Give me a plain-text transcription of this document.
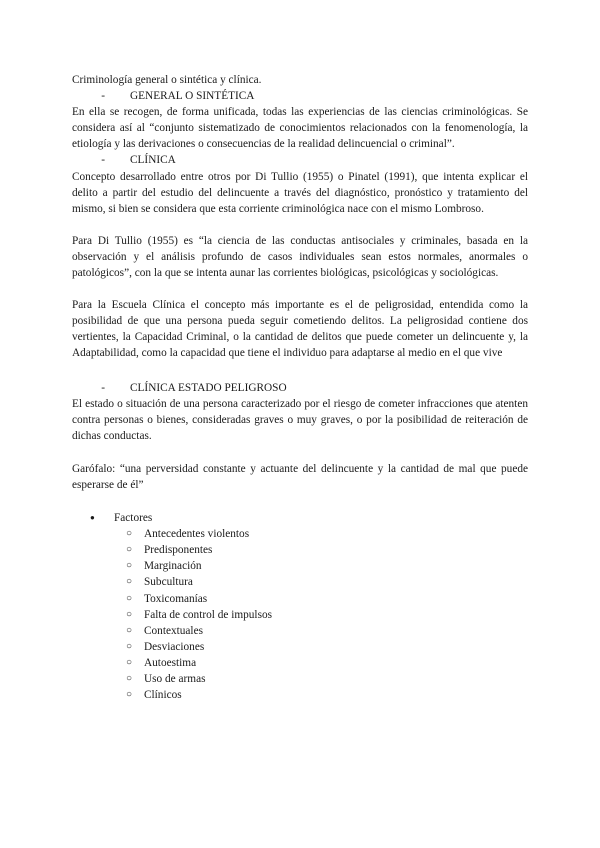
Criminología general o sintética y clínica.

-	GENERAL O SINTÉTICA

En ella se recogen, de forma unificada, todas las experiencias de las ciencias criminológicas. Se considera así al “conjunto sistematizado de conocimientos relacionados con la fenomenología, la etiología y las derivaciones o consecuencias de la realidad delincuencial o criminal”.

-	CLÍNICA

Concepto desarrollado entre otros por Di Tullio (1955) o Pinatel (1991), que intenta explicar el delito a partir del estudio del delincuente a través del diagnóstico, pronóstico y tratamiento del mismo, si bien se considera que esta corriente criminológica nace con el mismo Lombroso.

Para Di Tullio (1955) es “la ciencia de las conductas antisociales y criminales, basada en la observación y el análisis profundo de casos individuales sean estos normales, anormales o patológicos”, con la que se intenta aunar las corrientes biológicas, psicológicas y sociológicas.

Para la Escuela Clínica el concepto más importante es el de peligrosidad, entendida como la posibilidad de que una persona pueda seguir cometiendo delitos. La peligrosidad contiene dos vertientes, la Capacidad Criminal, o la cantidad de delitos que puede cometer un delincuente y, la Adaptabilidad, como la capacidad que tiene el individuo para adaptarse al medio en el que vive

-	CLÍNICA ESTADO PELIGROSO

El estado o situación de una persona caracterizado por el riesgo de cometer infracciones que atenten contra personas o bienes, consideradas graves o muy graves, o por la posibilidad de reiteración de dichas conductas.

Garófalo: “una perversidad constante y actuante del delincuente y la cantidad de mal que puede esperarse de él”

●	Factores
○	Antecedentes violentos
○	Predisponentes
○	Marginación
○	Subcultura
○	Toxicomanías
○	Falta de control de impulsos
○	Contextuales
○	Desviaciones
○	Autoestima
○	Uso de armas
○	Clínicos
